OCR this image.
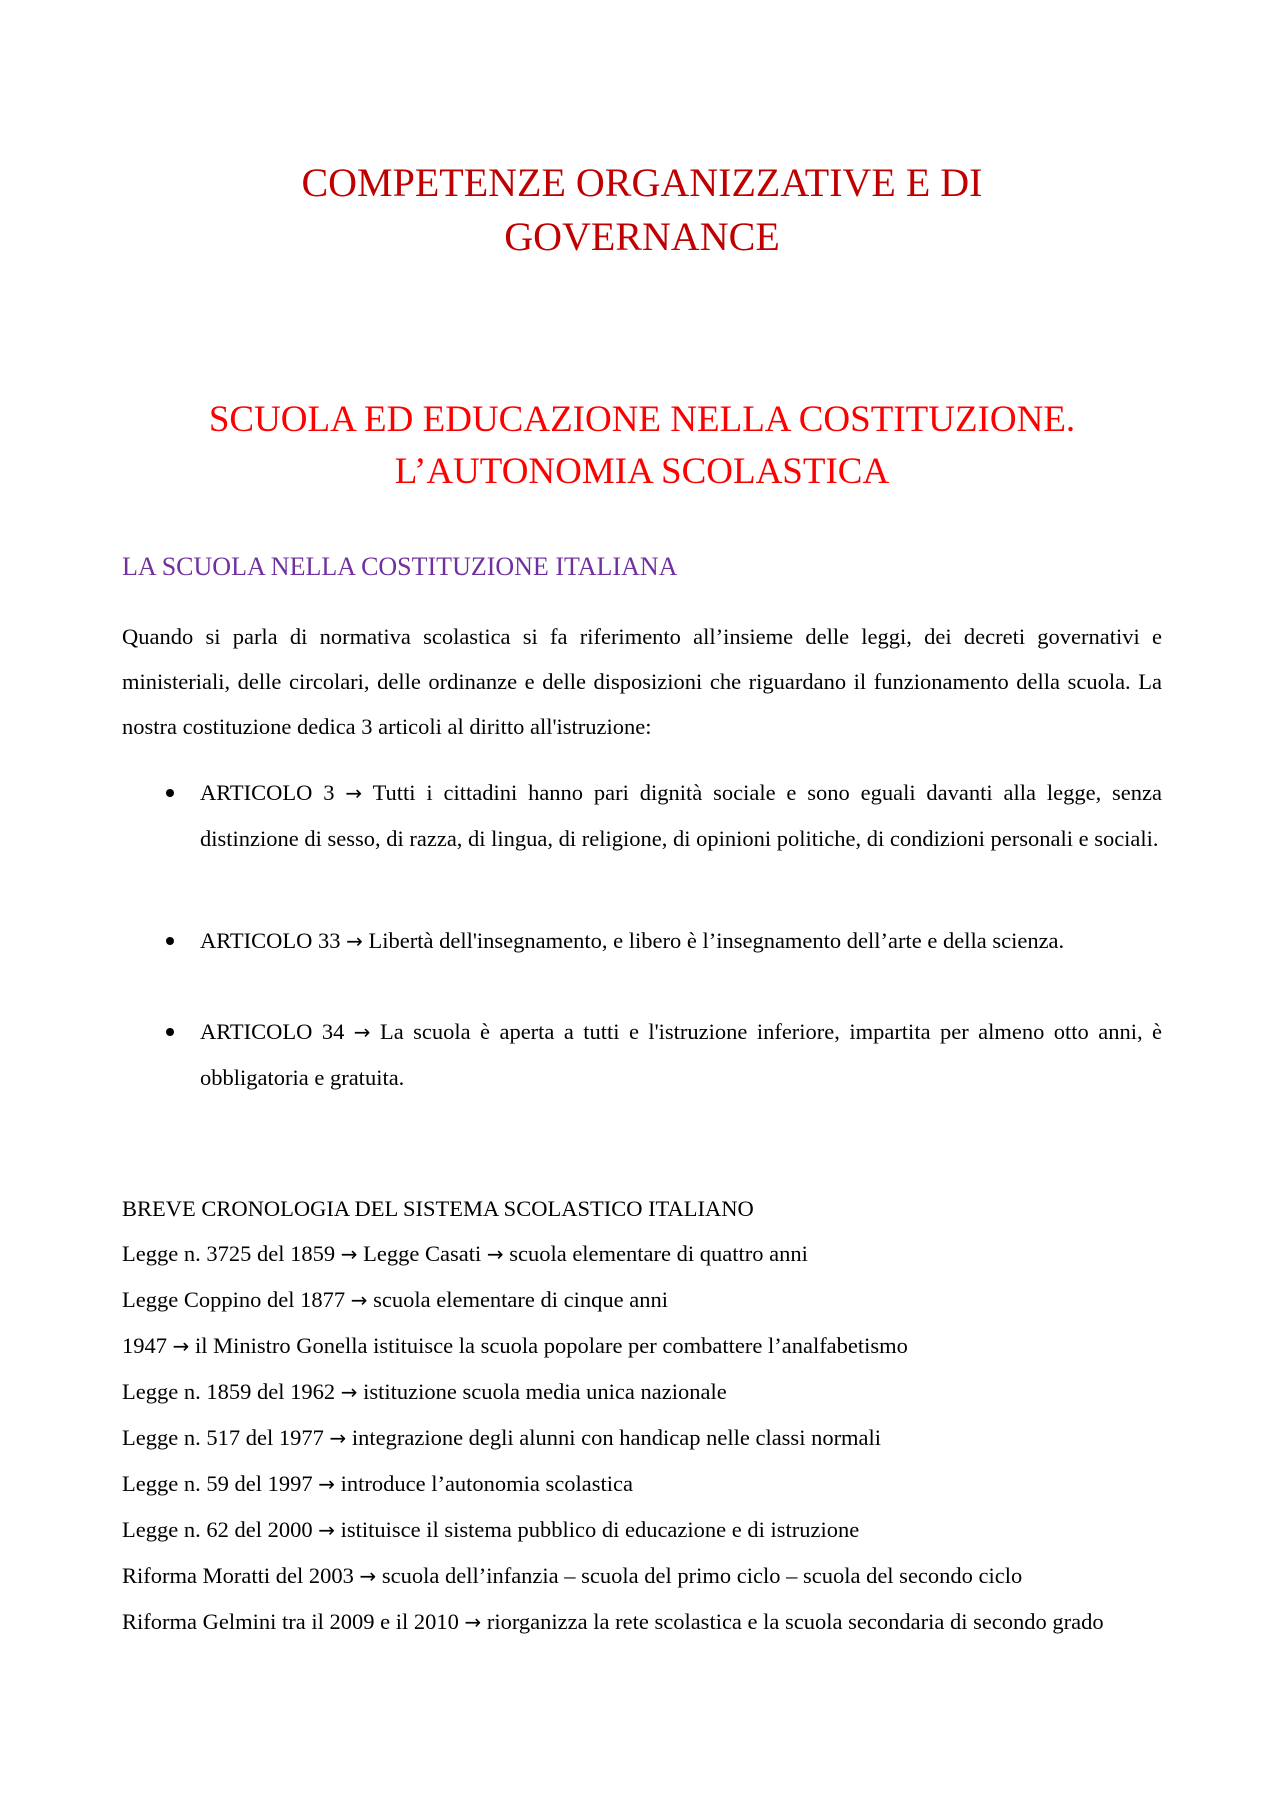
COMPETENZE ORGANIZZATIVE E DI
GOVERNANCE
SCUOLA ED EDUCAZIONE NELLA COSTITUZIONE.
L’AUTONOMIA SCOLASTICA
LA SCUOLA NELLA COSTITUZIONE ITALIANA

Quando si parla di normativa scolastica si fa riferimento all’insieme delle leggi, dei decreti governativi e ministeriali, delle circolari, delle ordinanze e delle disposizioni che riguardano il funzionamento della scuola. La nostra costituzione dedica 3 articoli al diritto all'istruzione:

ARTICOLO 3 → Tutti i cittadini hanno pari dignità sociale e sono eguali davanti alla legge, senza distinzione di sesso, di razza, di lingua, di religione, di opinioni politiche, di condizioni personali e sociali.

ARTICOLO 33 → Libertà dell'insegnamento, e libero è l’insegnamento dell’arte e della scienza.

ARTICOLO 34 → La scuola è aperta a tutti e l'istruzione inferiore, impartita per almeno otto anni, è obbligatoria e gratuita.

BREVE CRONOLOGIA DEL SISTEMA SCOLASTICO ITALIANO
Legge n. 3725 del 1859 → Legge Casati → scuola elementare di quattro anni
Legge Coppino del 1877 → scuola elementare di cinque anni
1947 → il Ministro Gonella istituisce la scuola popolare per combattere l’analfabetismo
Legge n. 1859 del 1962 → istituzione scuola media unica nazionale
Legge n. 517 del 1977 → integrazione degli alunni con handicap nelle classi normali
Legge n. 59 del 1997 → introduce l’autonomia scolastica
Legge n. 62 del 2000 → istituisce il sistema pubblico di educazione e di istruzione
Riforma Moratti del 2003 → scuola dell’infanzia – scuola del primo ciclo – scuola del secondo ciclo
Riforma Gelmini tra il 2009 e il 2010 → riorganizza la rete scolastica e la scuola secondaria di secondo grado
